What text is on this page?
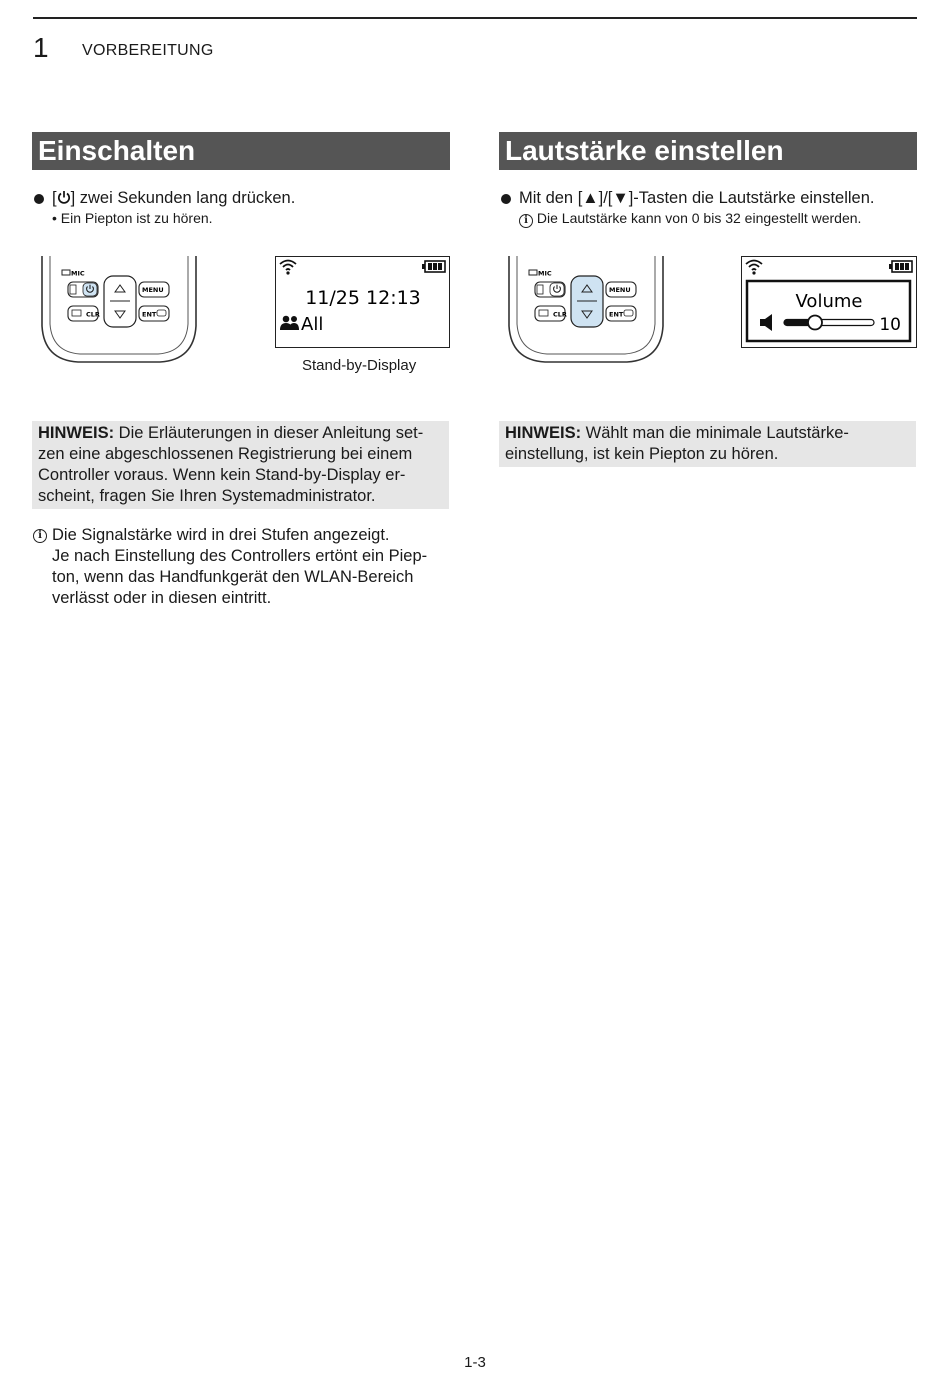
1 VORBEREITUNG
Einschalten
[ ] zwei Sekunden lang drücken.
• Ein Piepton ist zu hören.
MIC
CLR
MENU
ENT
11/25 12:13
All
Stand-by-Display
HINWEIS: Die Erläuterungen in dieser Anleitung set-zen eine abgeschlossenen Registrierung bei einem Controller voraus. Wenn kein Stand-by-Display er-scheint, fragen Sie Ihren Systemadministrator.
i Die Signalstärke wird in drei Stufen angezeigt.
Je nach Einstellung des Controllers ertönt ein Piep-
ton, wenn das Handfunkgerät den WLAN-Bereich
verlässt oder in diesen eintritt.
Lautstärke einstellen
Mit den [▲]/[▼]-Tasten die Lautstärke einstellen.
i Die Lautstärke kann von 0 bis 32 eingestellt werden.
MIC
CLR
MENU
ENT
Volume
10
HINWEIS: Wählt man die minimale Lautstärke-einstellung, ist kein Piepton zu hören.
1-3
